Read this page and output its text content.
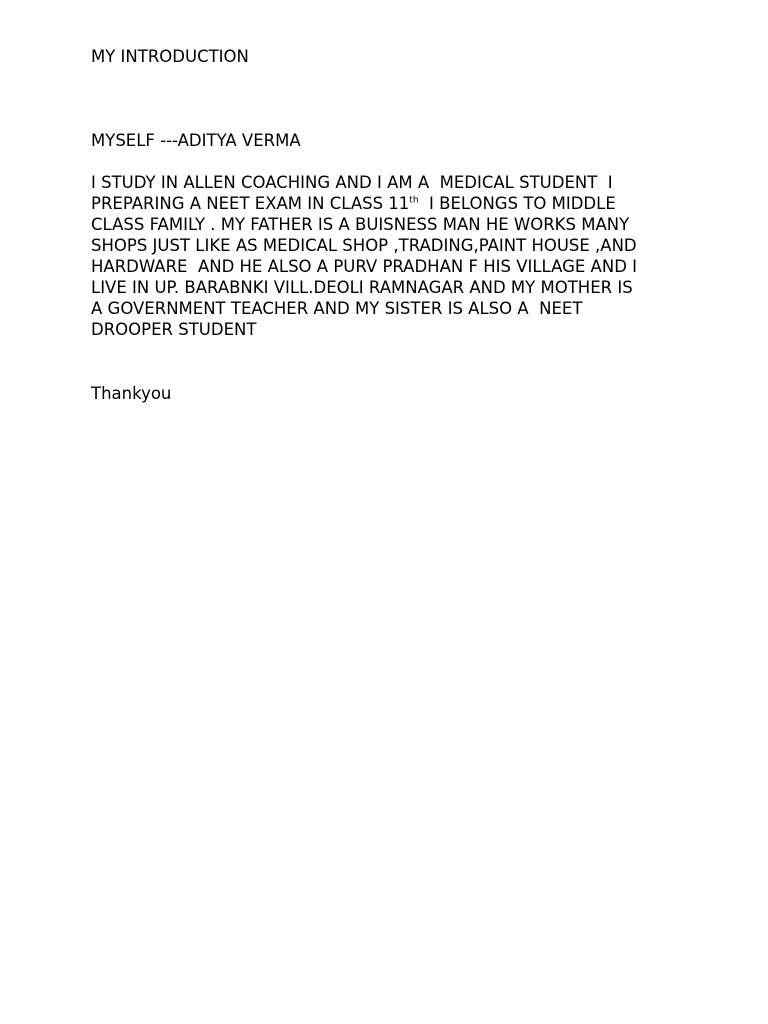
MY INTRODUCTION
MYSELF ---ADITYA VERMA
I STUDY IN ALLEN COACHING AND I AM A  MEDICAL STUDENT  I
PREPARING A NEET EXAM IN CLASS 11th  I BELONGS TO MIDDLE
CLASS FAMILY . MY FATHER IS A BUISNESS MAN HE WORKS MANY
SHOPS JUST LIKE AS MEDICAL SHOP ,TRADING,PAINT HOUSE ,AND
HARDWARE  AND HE ALSO A PURV PRADHAN F HIS VILLAGE AND I
LIVE IN UP. BARABNKI VILL.DEOLI RAMNAGAR AND MY MOTHER IS
A GOVERNMENT TEACHER AND MY SISTER IS ALSO A  NEET
DROOPER STUDENT
Thankyou
